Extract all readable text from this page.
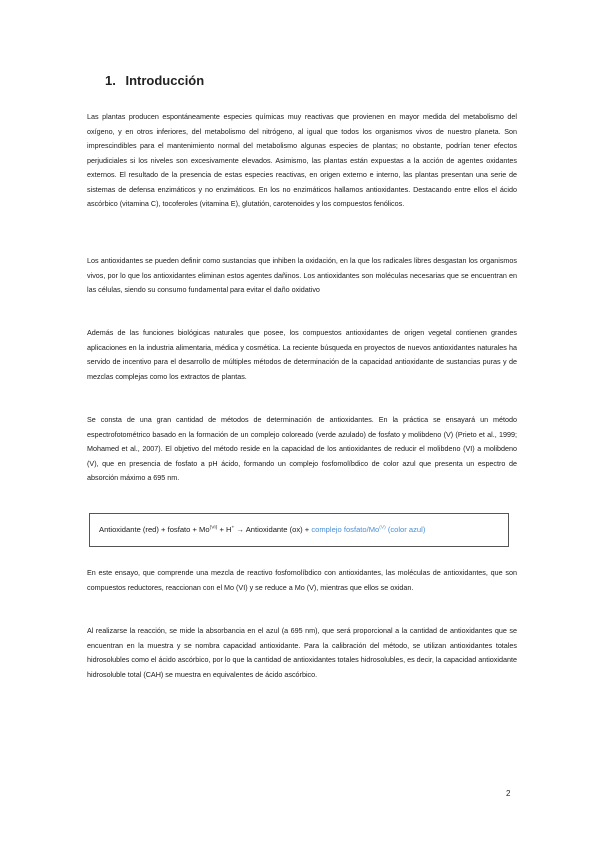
1. Introducción

Las plantas producen espontáneamente especies químicas muy reactivas que provienen en mayor medida del metabolismo del oxígeno, y en otros inferiores, del metabolismo del nitrógeno, al igual que todos los organismos vivos de nuestro planeta. Son imprescindibles para el mantenimiento normal del metabolismo algunas especies de plantas; no obstante, podrían tener efectos perjudiciales si los niveles son excesivamente elevados. Asimismo, las plantas están expuestas a la acción de agentes oxidantes externos. El resultado de la presencia de estas especies reactivas, en origen externo e interno, las plantas presentan una serie de sistemas de defensa enzimáticos y no enzimáticos. En los no enzimáticos hallamos antioxidantes. Destacando entre ellos el ácido ascórbico (vitamina C), tocoferoles (vitamina E), glutatión, carotenoides y los compuestos fenólicos.

Los antioxidantes se pueden definir como sustancias que inhiben la oxidación, en la que los radicales libres desgastan los organismos vivos, por lo que los antioxidantes eliminan estos agentes dañinos. Los antioxidantes son moléculas necesarias que se encuentran en las células, siendo su consumo fundamental para evitar el daño oxidativo

Además de las funciones biológicas naturales que posee, los compuestos antioxidantes de origen vegetal contienen grandes aplicaciones en la industria alimentaria, médica y cosmética. La reciente búsqueda en proyectos de nuevos antioxidantes naturales ha servido de incentivo para el desarrollo de múltiples métodos de determinación de la capacidad antioxidante de sustancias puras y de mezclas complejas como los extractos de plantas.

Se consta de una gran cantidad de métodos de determinación de antioxidantes. En la práctica se ensayará un método espectrofotométrico basado en la formación de un complejo coloreado (verde azulado) de fosfato y molibdeno (V) (Prieto et al., 1999; Mohamed et al., 2007). El objetivo del método reside en la capacidad de los antioxidantes de reducir el molibdeno (VI) a molibdeno (V), que en presencia de fosfato a pH ácido, formando un complejo fosfomolíbdico de color azul que presenta un espectro de absorción máximo a 695 nm.

Antioxidante (red) + fosfato + $Mo^{(VI)} + H^+$ → Antioxidante (ox) + complejo fosfato/$Mo^{(V)}$ (color azul)

En este ensayo, que comprende una mezcla de reactivo fosfomolíbdico con antioxidantes, las moléculas de antioxidantes, que son compuestos reductores, reaccionan con el Mo (VI) y se reduce a Mo (V), mientras que ellos se oxidan.

Al realizarse la reacción, se mide la absorbancia en el azul (a 695 nm), que será proporcional a la cantidad de antioxidantes que se encuentran en la muestra y se nombra capacidad antioxidante. Para la calibración del método, se utilizan antioxidantes totales hidrosolubles como el ácido ascórbico, por lo que la cantidad de antioxidantes totales hidrosolubles, es decir, la capacidad antioxidante hidrosoluble total (CAH) se muestra en equivalentes de ácido ascórbico.

2
